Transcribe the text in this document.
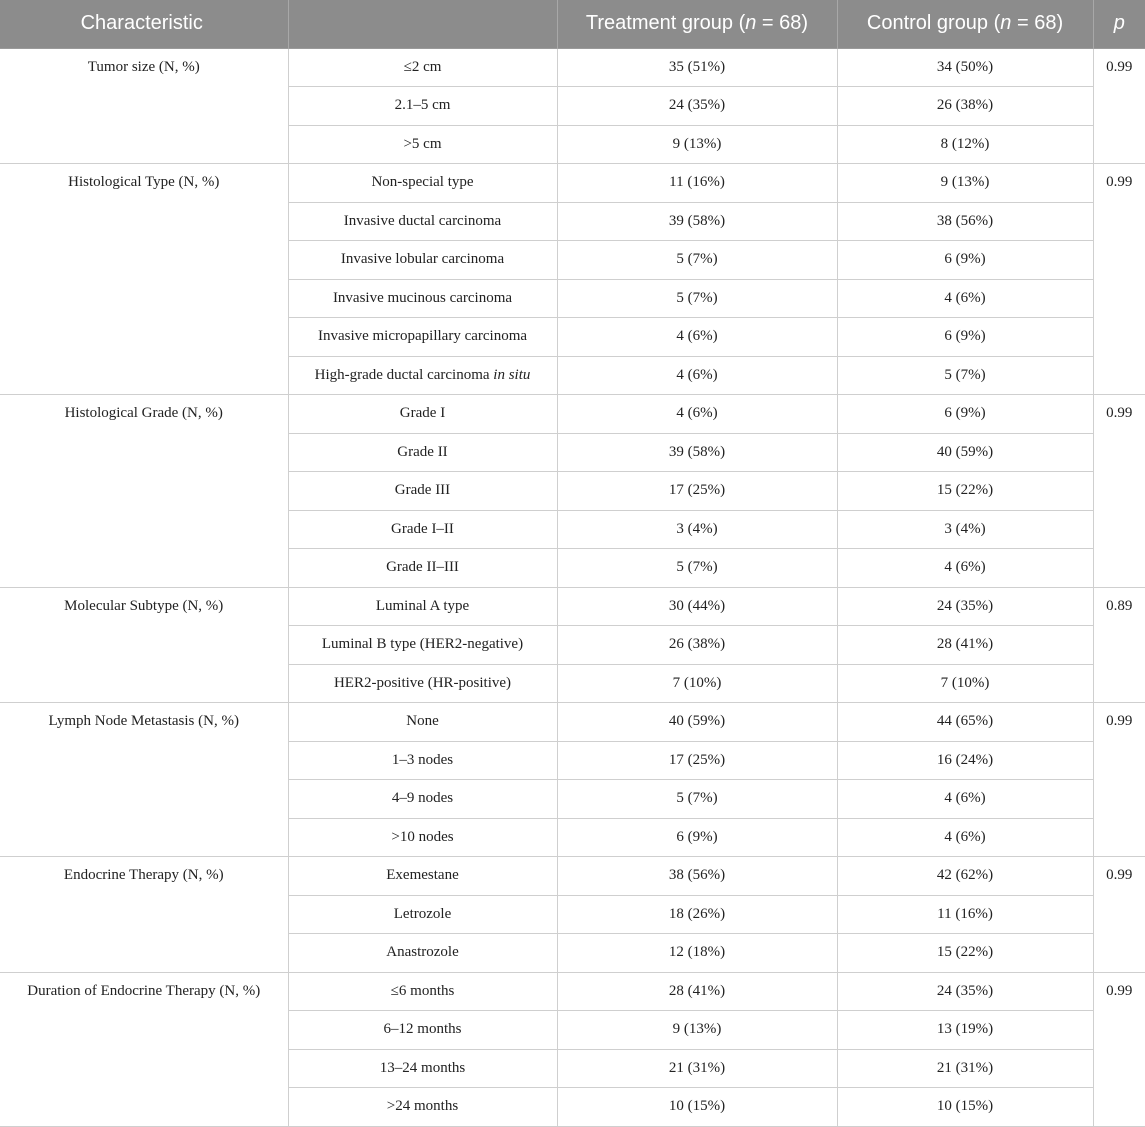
Characteristic		Treatment group (n = 68)	Control group (n = 68)	p
Tumor size (N, %)	≤2 cm	35 (51%)	34 (50%)	0.99
	2.1–5 cm	24 (35%)	26 (38%)	
	>5 cm	9 (13%)	8 (12%)	
Histological Type (N, %)	Non-special type	11 (16%)	9 (13%)	0.99
	Invasive ductal carcinoma	39 (58%)	38 (56%)	
	Invasive lobular carcinoma	5 (7%)	6 (9%)	
	Invasive mucinous carcinoma	5 (7%)	4 (6%)	
	Invasive micropapillary carcinoma	4 (6%)	6 (9%)	
	High-grade ductal carcinoma in situ	4 (6%)	5 (7%)	
Histological Grade (N, %)	Grade I	4 (6%)	6 (9%)	0.99
	Grade II	39 (58%)	40 (59%)	
	Grade III	17 (25%)	15 (22%)	
	Grade I–II	3 (4%)	3 (4%)	
	Grade II–III	5 (7%)	4 (6%)	
Molecular Subtype (N, %)	Luminal A type	30 (44%)	24 (35%)	0.89
	Luminal B type (HER2-negative)	26 (38%)	28 (41%)	
	HER2-positive (HR-positive)	7 (10%)	7 (10%)	
Lymph Node Metastasis (N, %)	None	40 (59%)	44 (65%)	0.99
	1–3 nodes	17 (25%)	16 (24%)	
	4–9 nodes	5 (7%)	4 (6%)	
	>10 nodes	6 (9%)	4 (6%)	
Endocrine Therapy (N, %)	Exemestane	38 (56%)	42 (62%)	0.99
	Letrozole	18 (26%)	11 (16%)	
	Anastrozole	12 (18%)	15 (22%)	
Duration of Endocrine Therapy (N, %)	≤6 months	28 (41%)	24 (35%)	0.99
	6–12 months	9 (13%)	13 (19%)	
	13–24 months	21 (31%)	21 (31%)	
	>24 months	10 (15%)	10 (15%)	
